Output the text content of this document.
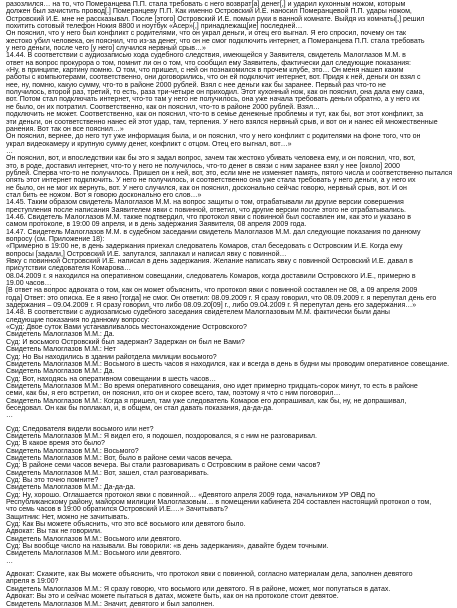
разозлился… на то, что Померанцева П.П. стала требовать с него возврат[а] денег[,] и ударил кухонным ножом, которым

должен был зачистить провод[.] Померанцеву П.П. Как именно Островский И.Е. наносил Померанцевой П.П. удары ножом,

Островский И.Е. мне не рассказывал. После [этого] Островский И.Е. помыл руки в ванной комнате. Выйдя из комнаты[,] решил

похитить сотовый телефон Нокия 8800 и ноутбук «Асер»[,] принадлежащ[ие] последней…

Он пояснил, что у него был конфликт с родителями, что он украл деньги, и отец его выгнал. Я его спросил, почему он так

жестоко убил человека, он пояснил, что из-за денег, что он не смог подключить интернет, а Померанцева П.П. стала требовать

у него деньги, после чего [у него] случился нервный срыв…»

14.44. В соответствии с аудиозаписью хода судебного следствия, имеющейся у Заявителя, свидетель Малоглазов М.М. в

ответ на вопрос прокурора о том, помнит ли он о том, что сообщил ему Заявитель, фактически дал следующие показания:

«Ну, в принципе, картину помню. О том, что пришел, с ней он познакомился в прочем клубе, это… Он меня нашел каким

работы с компьютерами, соответственно, они договорились, что он ей подключит интернет, вот. Придя к ней, деньги он взял с

нее, ну, помню, какую сумму, что-то в районе 2000 рублей. Взял с нее деньги как бы заранее. Первый раз что-то не

получилось, второй раз, третий, то есть, раза три-четыре он приходил. Этот кухонный нож, как он пояснил, она дала ему сама,

вот. Потом стал подключать интернет, что-то там у него не получилось, она уже начала требовать деньги обратно, а у него их

не было, он их потратил. Соответственно, как он пояснил, что-то в районе 2000 рублей. Взял…

подключить не может. Соответственно, как он пояснил, что-то в семье денежные проблемы и тут, как бы, вот этот конфликт, за

эти деньги, он соответственно нанес ей этот удар, там, терпения. У него взялся нервный срыв, и вот он и нанес ей множественные

ранения. Вот так он все пояснил…»

Он пояснил, вернее, до него тут уже информация была, и он пояснил, что у него конфликт с родителями на фоне того, что он

украл видеокамеру и крупную сумму денег, конфликт с отцом. Отец его выгнал, вот…»

…

Он пояснил, вот, и впоследствии как бы это я задал вопрос, зачем так жестоко убивать человека ему, и он пояснил, что, вот,

это, в роде, доставил интернет, что-то у него не получилось, что-то денег в связи с ним заранее взял у нее [около] 2000

рублей. Сперва что-то не получилось. Пришел он к ней, вот, это, если мне не изменяет память, пятого числа и соответственно пытался

опять этот интернет подключить. У него не получилось, и соответственно она уже стала требовать у него деньги, а у него их

не было, он не мог их вернуть, вот. У него случился, как он пояснил, досконально сейчас говорю, нервный срыв, вот. И он

стал бить ее ножом. Вот я говорю досконально его слов…»

14.45. Таким образом свидетель Малоглазов М.М. на вопрос защиты о том, отрабатывали ли другие версии совершения

преступления после написания Заявителем явки с повинной, ответил, что другие версии после этого не отрабатывались.

14.46. Свидетель Малоглазов М.М. также подтвердил, что протокол явки с повинной был составлен им, как это и указано в

самом протоколе, в 19:00 09 апреля, и в день задержания Заявителя, 08 апреля 2009 года.

14.47. Свидетель Малоглазов М.М. в судебном заседании свидетель Малоглазов М.М. дал следующие показания по данному

вопросу (см. Приложение 18):

«Примерно в 19:00 не, в день задержания приехал следователь Комаров, стал беседовать с Островским И.Е. Когда ему

вопросы [задали,] Островский И.Е. запутался, заплакал и написал явку с повинной…

Явку с повинной Островский И.Е. написал в день задержания. Желание написать явку с повинной Островский И.Е. давал в

присутствии следователя Комарова…

08.04.2009 г. я находился на оперативном совещании, следователь Комаров, когда доставили Островского И.Е., примерно в

19.00 часов…

[В ответ на вопрос адвоката о том, как он может объяснить, что протокол явки с повинной составлен не 08, а 09 апреля 2009

года] Ответ: это описка. Ее я явно [тогда] не смог. Он ответил: 08.09.2009 г. Я сразу говорил, что 08.09.2009 г. я перепутал день его

задержания – 09.04.2009 г. Я сразу говорил, что либо 08.09.20[09] г., либо 09.04.2009 г. Я перепутал день его задержания…»

14.48. В соответствии с аудиозаписью судебного заседания свидетелем Малоглазовым М.М. фактически были даны

следующие показания по данному вопросу:

«Суд: Двое суток Вами устанавливалось местонахождение Островского?

Свидетель Малоглазов М.М.: Да.

Суд: И восьмого Островский был задержан? Задержан он был не Вами?

Свидетель Малоглазов М.М.: Нет

Суд: Но Вы находились в здании райотдела милиции восьмого?

Свидетель Малоглазов М.М.: Восьмого в шесть часов я находился, как и всегда в день в будни мы проводим оперативное совещание.

Свидетель Малоглазов М.М.: Да.

Суд: Вот, находясь на оперативном совещании в шесть часов…

Свидетель Малоглазов М.М.: Во время оперативного совещания, оно идет примерно тридцать-сорок минут, то есть в районе

семи, как бы, я его встретил, он пояснил, кто он и скорее всего, там, поэтому я что с ним поговорил…

Свидетель Малоглазов М.М.: Когда я пришел, там уже следователь Комаров его допрашивал, как бы, ну, не допрашивал,

беседовал. Он как бы поплакал, и, в общем, он стал давать показания, да-да-да.

…

Суд: Следователя видели восьмого или нет?

Свидетель Малоглазов М.М.: Я видел его, я подошел, поздоровался, я с ним не разговаривал.

Суд: В какое время это было?

Свидетель Малоглазов М.М.: Восьмого?

Свидетель Малоглазов М.М.: Вот, было в районе семи часов вечера.

Суд: В районе семи часов вечера. Вы стали разговаривать с Островским в районе семи часов?

Свидетель Малоглазов М.М.: Вот, зашел, стал разговаривать.

Суд: Вы это точно помните?

Свидетель Малоглазов М.М.: Да-да-да.

Суд: Ну, хорошо. Оглашается протокол явки с повинной… «Девятого апреля 2009 года, начальником УР ОВД по

Республиканскому району, майором милиции Малоглазовым… в помещении кабинета 204 составлен настоящий протокол о том,

что семь часов в 19:00 обратился Островский И.Е.…» Зачитывать?

Защитник: Нет, можно не зачитывать.

Суд: Как Вы можете объяснить, что это всё восьмого или девятого было.

Адвокат: Вы так не говорили.

Свидетель Малоглазов М.М.: Восьмого или девятого.

Суд: Вы вообще число на называли. Вы говорили: «в день задержания», давайте будем точными.

Свидетель Малоглазов М.М.: Восьмого или девятого.

…

Адвокат: Скажите, как Вы можете объяснить, что протокол явки с повинной, согласно материалам дела, заполнен девятого

апреля в 19:00?

Свидетель Малоглазов М.М.: Я сразу говорю, что восьмого или девятого. Я в районе, может, мог попутаться в датах.

Адвокат: Вы это и сейчас можете пытаться в датах, можете быть, как он на протоколе стоит девятое.

Свидетель Малоглазов М.М.: Значит, девятого и был заполнен.
